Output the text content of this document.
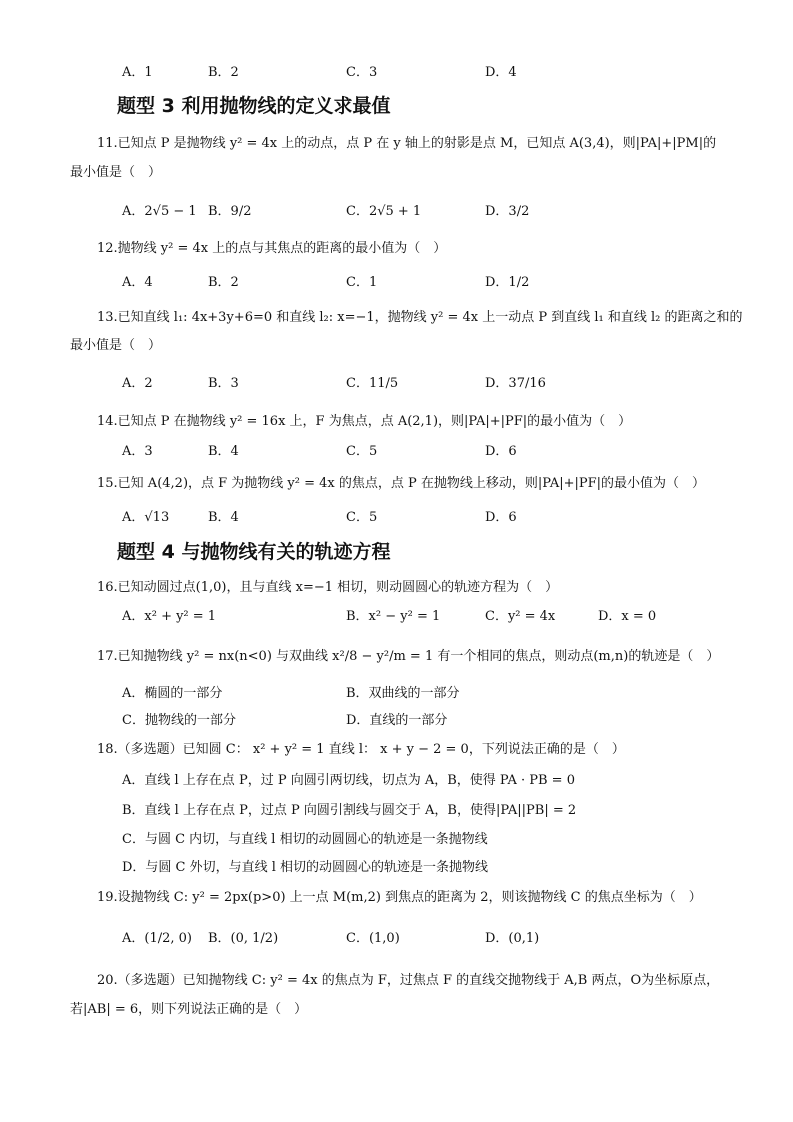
A．1	B．2	C．3	D．4
题型 3 利用抛物线的定义求最值
11.已知点 P 是抛物线 y² = 4x 上的动点，点 P 在 y 轴上的射影是点 M，已知点 A(3,4)，则|PA|+|PM|的
最小值是（　）
A．2√5 − 1 B．9/2	C．2√5 + 1	D．3/2
12.抛物线 y² = 4x 上的点与其焦点的距离的最小值为（　）
A．4	B．2	C．1	D．1/2
13.已知直线 l₁: 4x+3y+6=0 和直线 l₂: x=−1，抛物线 y² = 4x 上一动点 P 到直线 l₁ 和直线 l₂ 的距离之和的
最小值是（　）
A．2	B．3	C．11/5	D．37/16
14.已知点 P 在抛物线 y² = 16x 上，F 为焦点，点 A(2,1)，则|PA|+|PF|的最小值为（　）
A．3	B．4	C．5	D．6
15.已知 A(4,2)，点 F 为抛物线 y² = 4x 的焦点，点 P 在抛物线上移动，则|PA|+|PF|的最小值为（　）
A．√13	B．4	C．5	D．6
题型 4 与抛物线有关的轨迹方程
16.已知动圆过点(1,0)，且与直线 x=−1 相切，则动圆圆心的轨迹方程为（　）
A．x² + y² = 1	B．x² − y² = 1	C．y² = 4x	D．x = 0
17.已知抛物线 y² = nx(n<0) 与双曲线 x²/8 − y²/m = 1 有一个相同的焦点，则动点(m,n)的轨迹是（　）
A．椭圆的一部分	B．双曲线的一部分
C．抛物线的一部分	D．直线的一部分
18.（多选题）已知圆 C： x² + y² = 1 直线 l： x + y − 2 = 0，下列说法正确的是（　）
A．直线 l 上存在点 P，过 P 向圆引两切线，切点为 A，B，使得 PA · PB = 0
B．直线 l 上存在点 P，过点 P 向圆引割线与圆交于 A，B，使得|PA||PB| = 2
C．与圆 C 内切，与直线 l 相切的动圆圆心的轨迹是一条抛物线
D．与圆 C 外切，与直线 l 相切的动圆圆心的轨迹是一条抛物线
19.设抛物线 C: y² = 2px(p>0) 上一点 M(m,2) 到焦点的距离为 2，则该抛物线 C 的焦点坐标为（　）
A．(1/2, 0) B．(0, 1/2)	C．(1,0)	D．(0,1)
20.（多选题）已知抛物线 C: y² = 4x 的焦点为 F，过焦点 F 的直线交抛物线于 A,B 两点，O为坐标原点，
若|AB| = 6，则下列说法正确的是（　）
